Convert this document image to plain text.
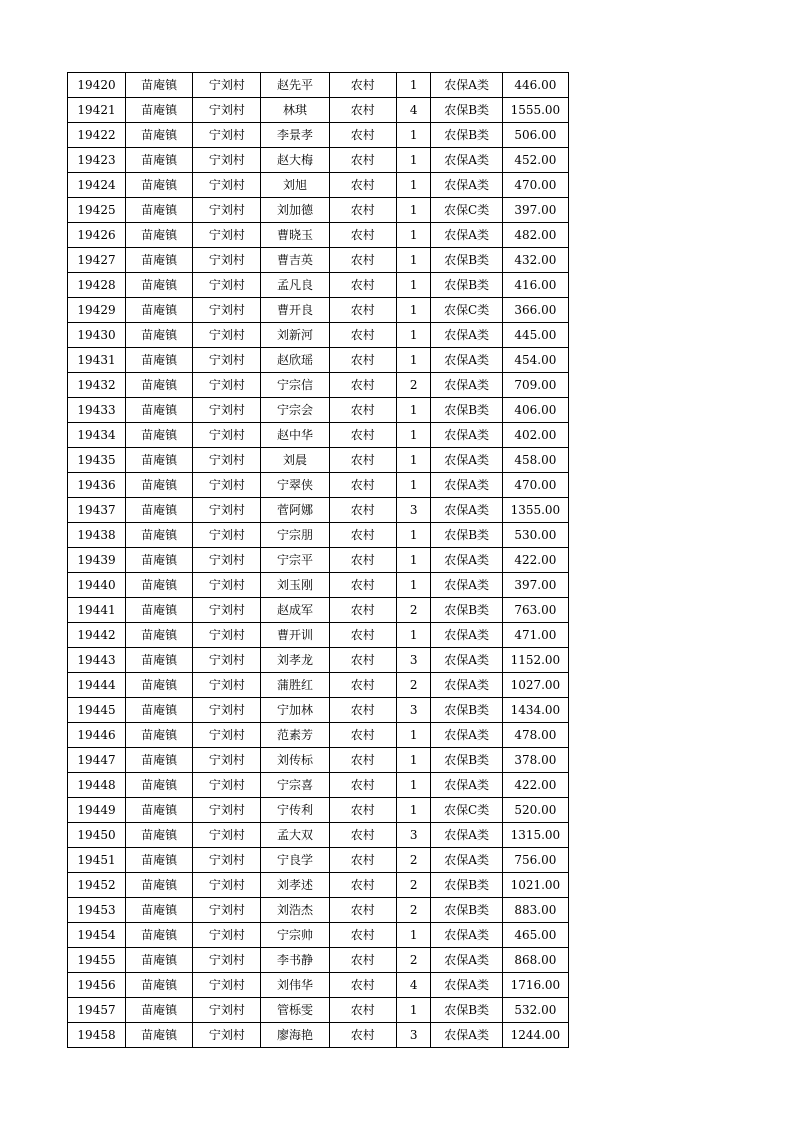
19420	苗庵镇	宁刘村	赵先平	农村	1	农保A类	446.00
19421	苗庵镇	宁刘村	林琪	农村	4	农保B类	1555.00
19422	苗庵镇	宁刘村	李景孝	农村	1	农保B类	506.00
19423	苗庵镇	宁刘村	赵大梅	农村	1	农保A类	452.00
19424	苗庵镇	宁刘村	刘旭	农村	1	农保A类	470.00
19425	苗庵镇	宁刘村	刘加德	农村	1	农保C类	397.00
19426	苗庵镇	宁刘村	曹晓玉	农村	1	农保A类	482.00
19427	苗庵镇	宁刘村	曹吉英	农村	1	农保B类	432.00
19428	苗庵镇	宁刘村	孟凡良	农村	1	农保B类	416.00
19429	苗庵镇	宁刘村	曹开良	农村	1	农保C类	366.00
19430	苗庵镇	宁刘村	刘新河	农村	1	农保A类	445.00
19431	苗庵镇	宁刘村	赵欣瑶	农村	1	农保A类	454.00
19432	苗庵镇	宁刘村	宁宗信	农村	2	农保A类	709.00
19433	苗庵镇	宁刘村	宁宗会	农村	1	农保B类	406.00
19434	苗庵镇	宁刘村	赵中华	农村	1	农保A类	402.00
19435	苗庵镇	宁刘村	刘晨	农村	1	农保A类	458.00
19436	苗庵镇	宁刘村	宁翠侠	农村	1	农保A类	470.00
19437	苗庵镇	宁刘村	菅阿娜	农村	3	农保A类	1355.00
19438	苗庵镇	宁刘村	宁宗朋	农村	1	农保B类	530.00
19439	苗庵镇	宁刘村	宁宗平	农村	1	农保A类	422.00
19440	苗庵镇	宁刘村	刘玉刚	农村	1	农保A类	397.00
19441	苗庵镇	宁刘村	赵成军	农村	2	农保B类	763.00
19442	苗庵镇	宁刘村	曹开训	农村	1	农保A类	471.00
19443	苗庵镇	宁刘村	刘孝龙	农村	3	农保A类	1152.00
19444	苗庵镇	宁刘村	蒲胜红	农村	2	农保A类	1027.00
19445	苗庵镇	宁刘村	宁加林	农村	3	农保B类	1434.00
19446	苗庵镇	宁刘村	范素芳	农村	1	农保A类	478.00
19447	苗庵镇	宁刘村	刘传标	农村	1	农保B类	378.00
19448	苗庵镇	宁刘村	宁宗喜	农村	1	农保A类	422.00
19449	苗庵镇	宁刘村	宁传利	农村	1	农保C类	520.00
19450	苗庵镇	宁刘村	孟大双	农村	3	农保A类	1315.00
19451	苗庵镇	宁刘村	宁良学	农村	2	农保A类	756.00
19452	苗庵镇	宁刘村	刘孝述	农村	2	农保B类	1021.00
19453	苗庵镇	宁刘村	刘浩杰	农村	2	农保B类	883.00
19454	苗庵镇	宁刘村	宁宗帅	农村	1	农保A类	465.00
19455	苗庵镇	宁刘村	李书静	农村	2	农保A类	868.00
19456	苗庵镇	宁刘村	刘伟华	农村	4	农保A类	1716.00
19457	苗庵镇	宁刘村	管栎雯	农村	1	农保B类	532.00
19458	苗庵镇	宁刘村	廖海艳	农村	3	农保A类	1244.00
